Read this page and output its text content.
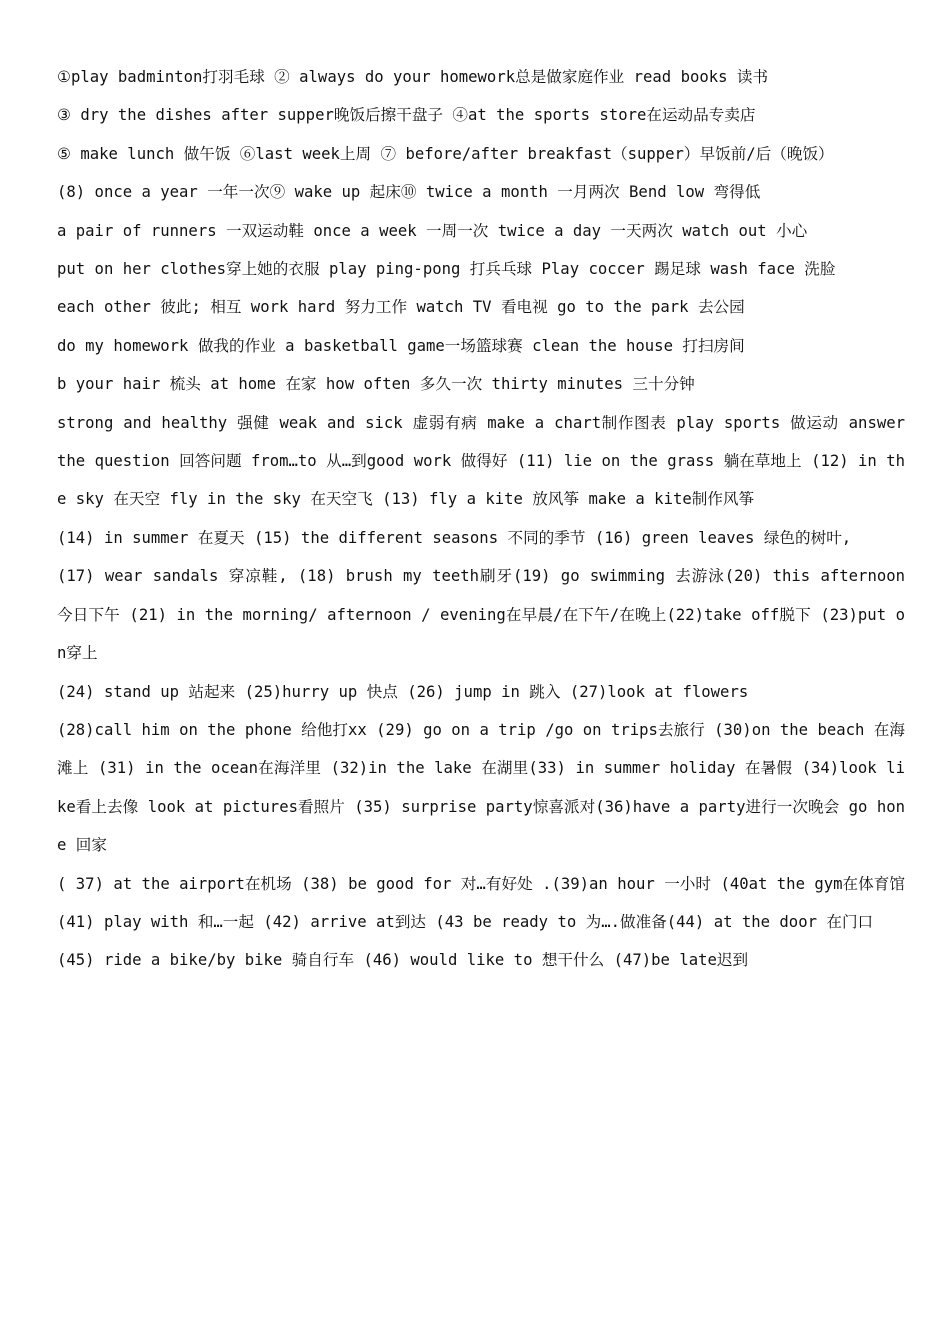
①play badminton打羽毛球 ② always do your homework总是做家庭作业 read books 读书

③ dry the dishes after supper晚饭后擦干盘子 ④at the sports store在运动品专卖店

⑤ make lunch 做午饭 ⑥last week上周 ⑦ before/after breakfast（supper）早饭前/后（晚饭）

(8) once a year 一年一次⑨ wake up 起床⑩ twice a month 一月两次 Bend low 弯得低

a pair of runners 一双运动鞋 once a week 一周一次 twice a day 一天两次 watch out 小心

put on her clothes穿上她的衣服 play ping-pong 打兵乓球 Play coccer 踢足球 wash face 洗脸

each other 彼此; 相互 work hard 努力工作 watch TV 看电视 go to the park 去公园

do my homework 做我的作业 a basketball game一场篮球赛 clean the house 打扫房间

b your hair 梳头 at home 在家 how often 多久一次 thirty minutes 三十分钟

strong and healthy 强健 weak and sick 虚弱有病 make a chart制作图表 play sports 做运动 answer the question 回答问题 from…to 从…到good work 做得好 (11) lie on the grass 躺在草地上 (12) in the sky 在天空 fly in the sky 在天空飞 (13) fly a kite 放风筝 make a kite制作风筝

(14) in summer 在夏天 (15) the different seasons 不同的季节 (16) green leaves 绿色的树叶,

(17) wear sandals 穿凉鞋, (18) brush my teeth刷牙(19) go swimming 去游泳(20) this afternoon 今日下午 (21) in the morning/ afternoon / evening在早晨/在下午/在晚上(22)take off脱下 (23)put on穿上

(24) stand up 站起来 (25)hurry up 快点 (26) jump in 跳入 (27)look at flowers

(28)call him on the phone 给他打xx (29) go on a trip /go on trips去旅行 (30)on the beach 在海滩上 (31) in the ocean在海洋里 (32)in the lake 在湖里(33) in summer holiday 在暑假 (34)look like看上去像 look at pictures看照片 (35) surprise party惊喜派对(36)have a party进行一次晚会 go hone 回家

( 37) at the airport在机场 (38) be good for 对…有好处 .(39)an hour 一小时 (40at the gym在体育馆 (41) play with 和…一起 (42) arrive at到达 (43 be ready to 为….做准备(44) at the door 在门口

(45) ride a bike/by bike 骑自行车 (46) would like to 想干什么 (47)be late迟到
